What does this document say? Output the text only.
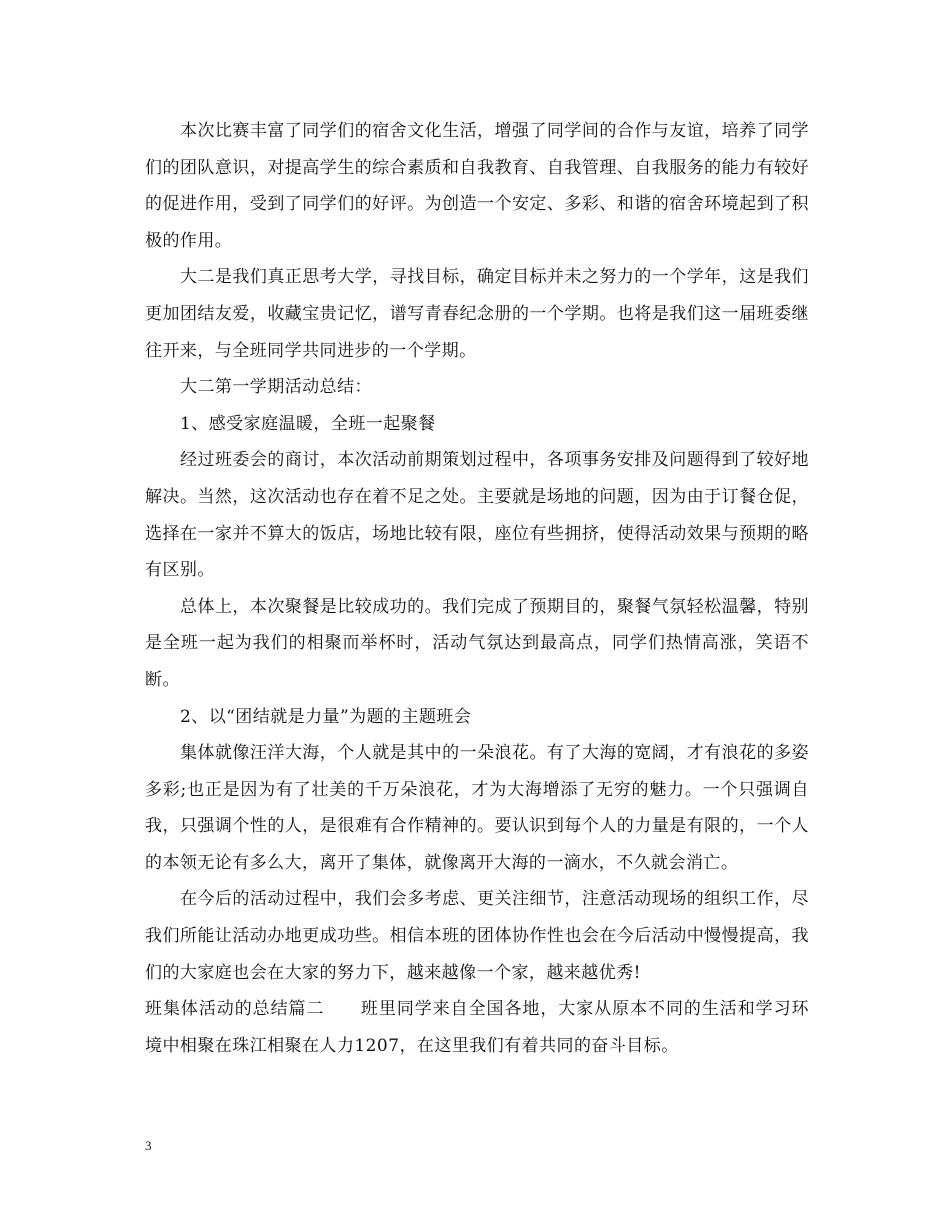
本次比赛丰富了同学们的宿舍文化生活，增强了同学间的合作与友谊，培养了同学们的团队意识，对提高学生的综合素质和自我教育、自我管理、自我服务的能力有较好的促进作用，受到了同学们的好评。为创造一个安定、多彩、和谐的宿舍环境起到了积极的作用。

大二是我们真正思考大学，寻找目标，确定目标并未之努力的一个学年，这是我们更加团结友爱，收藏宝贵记忆，谱写青春纪念册的一个学期。也将是我们这一届班委继往开来，与全班同学共同进步的一个学期。

大二第一学期活动总结：

1、感受家庭温暖，全班一起聚餐

经过班委会的商讨，本次活动前期策划过程中，各项事务安排及问题得到了较好地解决。当然，这次活动也存在着不足之处。主要就是场地的问题，因为由于订餐仓促，选择在一家并不算大的饭店，场地比较有限，座位有些拥挤，使得活动效果与预期的略有区别。

总体上，本次聚餐是比较成功的。我们完成了预期目的，聚餐气氛轻松温馨，特别是全班一起为我们的相聚而举杯时，活动气氛达到最高点，同学们热情高涨，笑语不断。

2、以“团结就是力量”为题的主题班会

集体就像汪洋大海，个人就是其中的一朵浪花。有了大海的宽阔，才有浪花的多姿多彩;也正是因为有了壮美的千万朵浪花，才为大海增添了无穷的魅力。一个只强调自我，只强调个性的人，是很难有合作精神的。要认识到每个人的力量是有限的，一个人的本领无论有多么大，离开了集体，就像离开大海的一滴水，不久就会消亡。

在今后的活动过程中，我们会多考虑、更关注细节，注意活动现场的组织工作，尽我们所能让活动办地更成功些。相信本班的团体协作性也会在今后活动中慢慢提高，我们的大家庭也会在大家的努力下，越来越像一个家，越来越优秀!

班集体活动的总结篇二 班里同学来自全国各地，大家从原本不同的生活和学习环境中相聚在珠江相聚在人力1207，在这里我们有着共同的奋斗目标。

3
